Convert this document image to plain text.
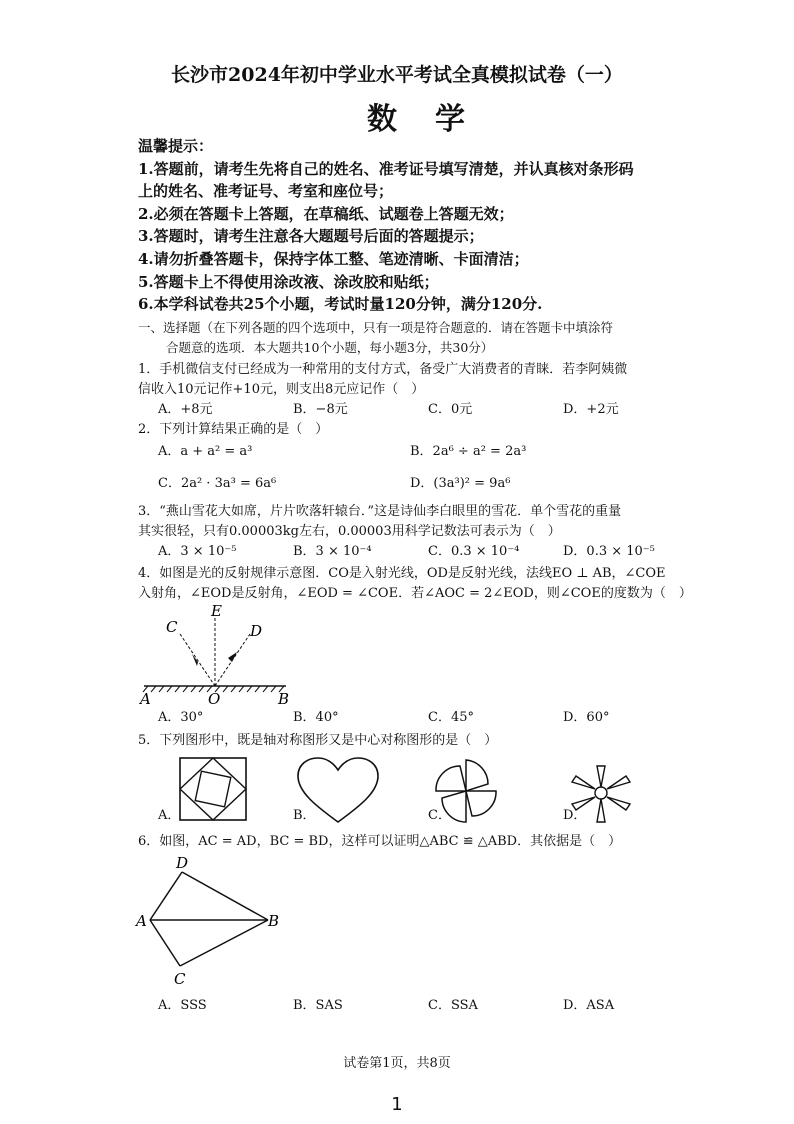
长沙市2024年初中学业水平考试全真模拟试卷（一）
数学
温馨提示：
1.答题前，请考生先将自己的姓名、准考证号填写清楚，并认真核对条形码
上的姓名、准考证号、考室和座位号；
2.必须在答题卡上答题，在草稿纸、试题卷上答题无效；
3.答题时，请考生注意各大题题号后面的答题提示；
4.请勿折叠答题卡，保持字体工整、笔迹清晰、卡面清洁；
5.答题卡上不得使用涂改液、涂改胶和贴纸；
6.本学科试卷共25个小题，考试时量120分钟，满分120分.
一、选择题（在下列各题的四个选项中，只有一项是符合题意的．请在答题卡中填涂符
合题意的选项．本大题共10个小题，每小题3分，共30分）
1．手机微信支付已经成为一种常用的支付方式，备受广大消费者的青睐．若李阿姨微
信收入10元记作+10元，则支出8元应记作（　）
A．+8元	B．−8元	C．0元	D．+2元
2．下列计算结果正确的是（　）
A．a + a² = a³	B．2a⁶ ÷ a² = 2a³
C．2a² · 3a³ = 6a⁶	D．(3a³)² = 9a⁶
3．“燕山雪花大如席，片片吹落轩辕台．”这是诗仙李白眼里的雪花．单个雪花的重量
其实很轻，只有0.00003kg左右，0.00003用科学记数法可表示为（　）
A．3 × 10⁻⁵	B．3 × 10⁻⁴	C．0.3 × 10⁻⁴	D．0.3 × 10⁻⁵
4．如图是光的反射规律示意图．CO是入射光线，OD是反射光线，法线EO ⊥ AB，∠COE
入射角，∠EOD是反射角，∠EOD = ∠COE．若∠AOC = 2∠EOD，则∠COE的度数为（　）
C
E
D
A	O	B
A．30°	B．40°	C．45°	D．60°
5．下列图形中，既是轴对称图形又是中心对称图形的是（　）
A．	B．	C．	D．
6．如图，AC = AD，BC = BD，这样可以证明△ABC ≌ △ABD．其依据是（　）
D
A	B
C
A．SSS	B．SAS	C．SSA	D．ASA
试卷第1页，共8页
1
